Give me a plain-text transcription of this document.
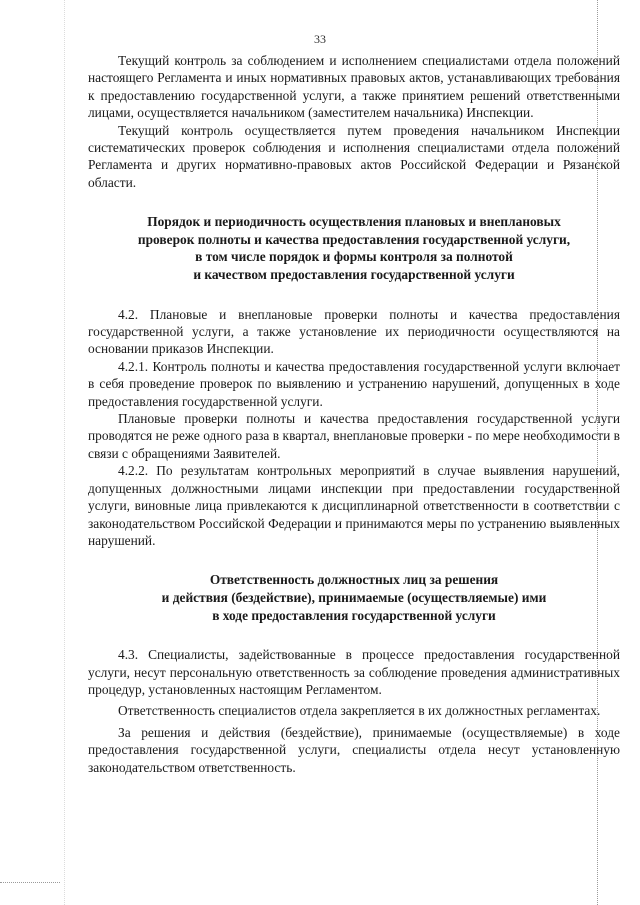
33

Текущий контроль за соблюдением и исполнением специалистами отдела положений настоящего Регламента и иных нормативных правовых актов, устанавливающих требования к предоставлению государственной услуги, а также принятием решений ответственными лицами, осуществляется начальником (заместителем начальника) Инспекции.

Текущий контроль осуществляется путем проведения начальником Инспекции систематических проверок соблюдения и исполнения специалистами отдела положений Регламента и других нормативно-правовых актов Российской Федерации и Рязанской области.

Порядок и периодичность осуществления плановых и внеплановых

проверок полноты и качества предоставления государственной услуги,

в том числе порядок и формы контроля за полнотой

и качеством предоставления государственной услуги

4.2. Плановые и внеплановые проверки полноты и качества предоставления государственной услуги, а также установление их периодичности осуществляются на основании приказов Инспекции.

4.2.1. Контроль полноты и качества предоставления государственной услуги включает в себя проведение проверок по выявлению и устранению нарушений, допущенных в ходе предоставления государственной услуги.

Плановые проверки полноты и качества предоставления государственной услуги проводятся не реже одного раза в квартал, внеплановые проверки - по мере необходимости в связи с обращениями Заявителей.

4.2.2. По результатам контрольных мероприятий в случае выявления нарушений, допущенных должностными лицами инспекции при предоставлении государственной услуги, виновные лица привлекаются к дисциплинарной ответственности в соответствии с законодательством Российской Федерации и принимаются меры по устранению выявленных нарушений.

Ответственность должностных лиц за решения

и действия (бездействие), принимаемые (осуществляемые) ими

в ходе предоставления государственной услуги

4.3. Специалисты, задействованные в процессе предоставления государственной услуги, несут персональную ответственность за соблюдение проведения административных процедур, установленных настоящим Регламентом.

Ответственность специалистов отдела закрепляется в их должностных регламентах.

За решения и действия (бездействие), принимаемые (осуществляемые) в ходе предоставления государственной услуги, специалисты отдела несут установленную законодательством ответственность.
